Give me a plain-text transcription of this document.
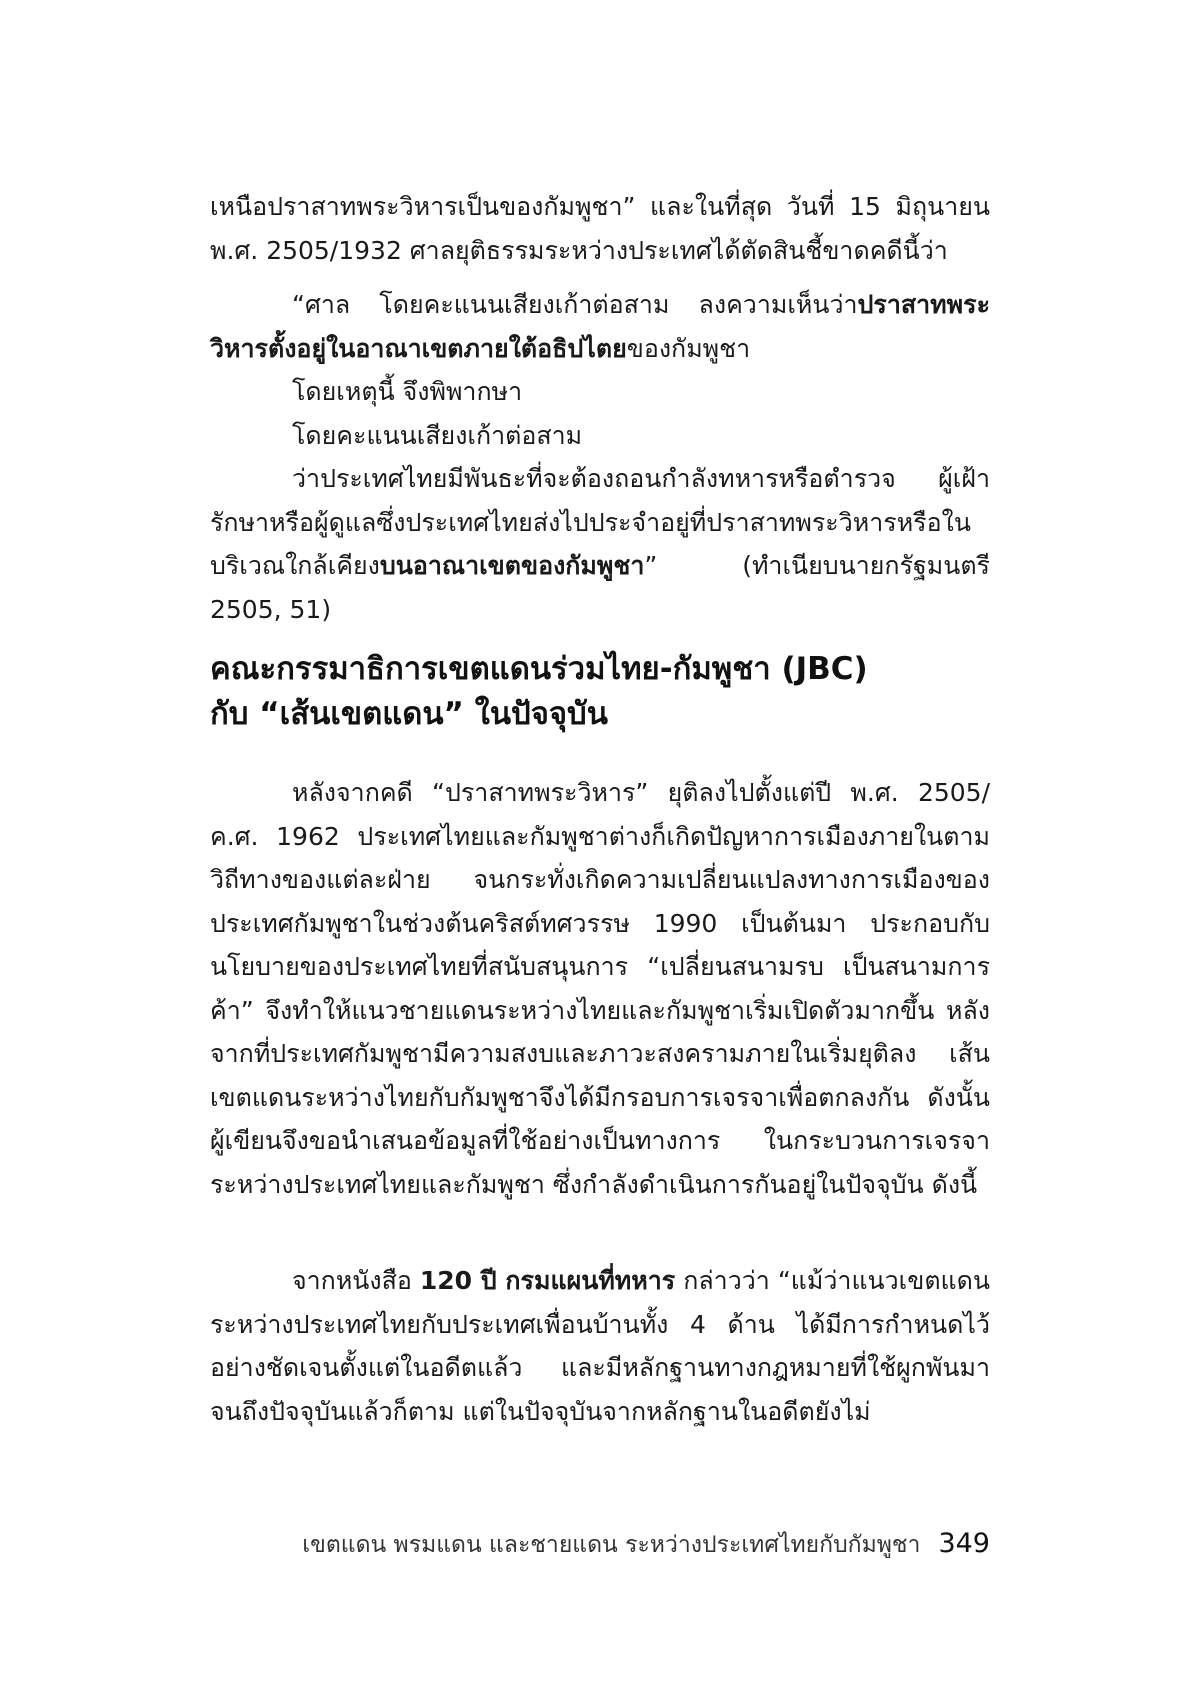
เหนือปราสาทพระวิหารเป็นของกัมพูชา” และในที่สุด วันที่ 15 มิถุนายน พ.ศ. 2505/1932 ศาลยุติธรรมระหว่างประเทศได้ตัดสินชี้ขาดคดีนี้ว่า

“ศาล โดยคะแนนเสียงเก้าต่อสาม ลงความเห็นว่าปราสาทพระวิหารตั้งอยู่ในอาณาเขตภายใต้อธิปไตยของกัมพูชา
โดยเหตุนี้ จึงพิพากษา
โดยคะแนนเสียงเก้าต่อสาม
ว่าประเทศไทยมีพันธะที่จะต้องถอนกำลังทหารหรือตำรวจ ผู้เฝ้ารักษาหรือผู้ดูแลซึ่งประเทศไทยส่งไปประจำอยู่ที่ปราสาทพระวิหารหรือในบริเวณใกล้เคียงบนอาณาเขตของกัมพูชา” (ทำเนียบนายกรัฐมนตรี 2505, 51)
คณะกรรมาธิการเขตแดนร่วมไทย-กัมพูชา (JBC)
กับ “เส้นเขตแดน” ในปัจจุบัน

หลังจากคดี “ปราสาทพระวิหาร” ยุติลงไปตั้งแต่ปี พ.ศ. 2505/ค.ศ. 1962 ประเทศไทยและกัมพูชาต่างก็เกิดปัญหาการเมืองภายในตามวิถีทางของแต่ละฝ่าย จนกระทั่งเกิดความเปลี่ยนแปลงทางการเมืองของประเทศกัมพูชาในช่วงต้นคริสต์ทศวรรษ 1990 เป็นต้นมา ประกอบกับนโยบายของประเทศไทยที่สนับสนุนการ “เปลี่ยนสนามรบ เป็นสนามการค้า” จึงทำให้แนวชายแดนระหว่างไทยและกัมพูชาเริ่มเปิดตัวมากขึ้น หลังจากที่ประเทศกัมพูชามีความสงบและภาวะสงครามภายในเริ่มยุติลง เส้นเขตแดนระหว่างไทยกับกัมพูชาจึงได้มีกรอบการเจรจาเพื่อตกลงกัน ดังนั้น ผู้เขียนจึงขอนำเสนอข้อมูลที่ใช้อย่างเป็นทางการ ในกระบวนการเจรจาระหว่างประเทศไทยและกัมพูชา ซึ่งกำลังดำเนินการกันอยู่ในปัจจุบัน ดังนี้

จากหนังสือ 120 ปี กรมแผนที่ทหาร กล่าวว่า “แม้ว่าแนวเขตแดนระหว่างประเทศไทยกับประเทศเพื่อนบ้านทั้ง 4 ด้าน ได้มีการกำหนดไว้อย่างชัดเจนตั้งแต่ในอดีตแล้ว และมีหลักฐานทางกฎหมายที่ใช้ผูกพันมาจนถึงปัจจุบันแล้วก็ตาม แต่ในปัจจุบันจากหลักฐานในอดีตยังไม่

เขตแดน พรมแดน และชายแดน ระหว่างประเทศไทยกับกัมพูชา 349
